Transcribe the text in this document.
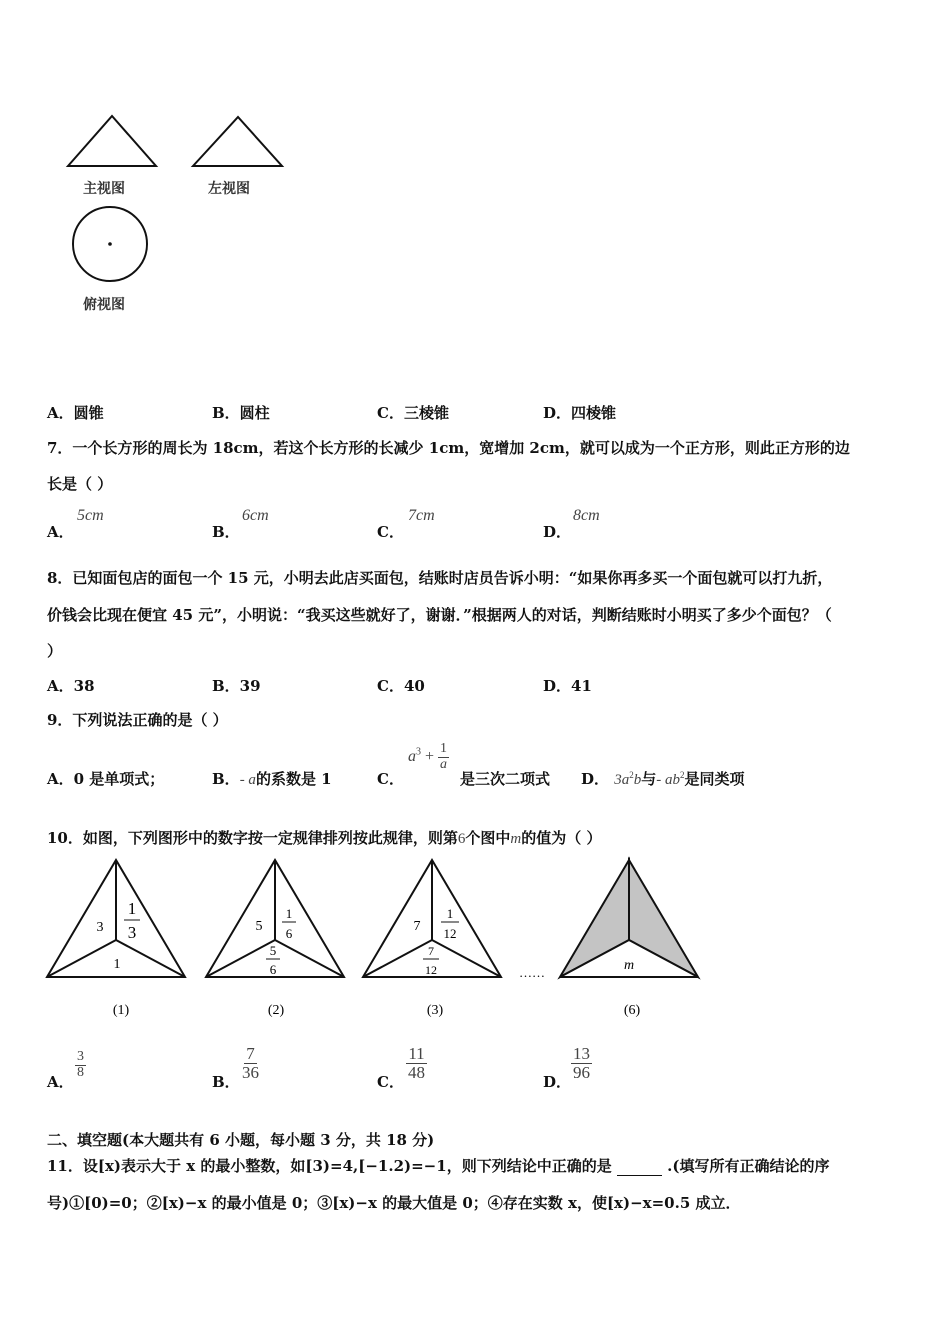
主视图	左视图
俯视图
A．圆锥	B．圆柱	C．三棱锥	D．四棱锥
7．一个长方形的周长为 18cm，若这个长方形的长减少 1cm，宽增加 2cm，就可以成为一个正方形，则此正方形的边
长是（ ）
A．
5cm
B．
6cm
C．
7cm
D．
8cm
8．已知面包店的面包一个 15 元，小明去此店买面包，结账时店员告诉小明：“如果你再多买一个面包就可以打九折，
价钱会比现在便宜 45 元”，小明说：“我买这些就好了，谢谢．”根据两人的对话，判断结账时小明买了多少个面包？（
）
A．38	B．39	C．40	D．41
9．下列说法正确的是（ ）
A．0 是单项式；	B．- a的系数是 1	C．
$a^3 + \frac{1}{a}$
是三次二项式 D． $3a^2b$与- $ab^2$是同类项
10．如图，下列图形中的数字按一定规律排列按此规律，则第6个图中m的值为（ ）
3
1
3
1
5
1
6
5
6
7
1
12
7
12	……	m
(1)	(2)	(3)	(6)
A．
$\frac{3}{8}$
B．
$\frac{7}{36}$
C．
$\frac{11}{48}$
D．
$\frac{13}{96}$
二、填空题(本大题共有 6 小题，每小题 3 分，共 18 分)
11．设[x)表示大于 x 的最小整数，如[3)=4,[−1.2)=−1，则下列结论中正确的是	.(填写所有正确结论的序
号)①[0)=0；②[x)−x 的最小值是 0；③[x)−x 的最大值是 0；④存在实数 x，使[x)−x=0.5 成立．
